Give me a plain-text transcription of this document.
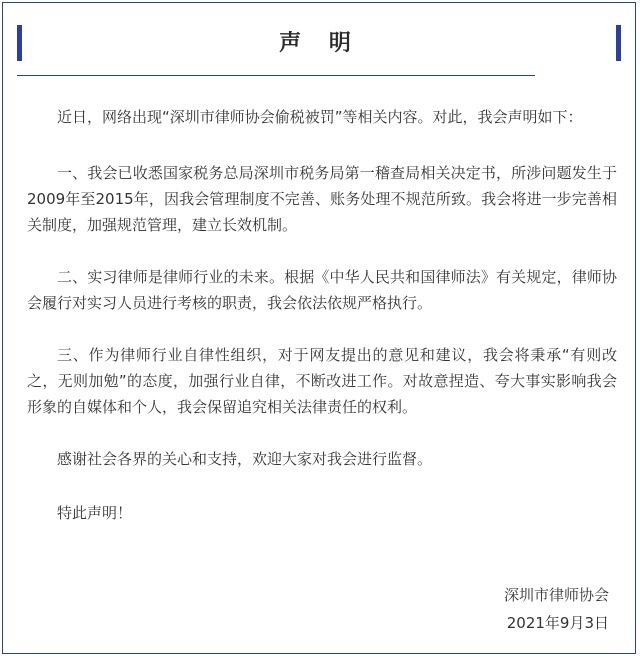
声 明

近日，网络出现“深圳市律师协会偷税被罚”等相关内容。对此，我会声明如下：

一、我会已收悉国家税务总局深圳市税务局第一稽查局相关决定书，所涉问题发生于2009年至2015年，因我会管理制度不完善、账务处理不规范所致。我会将进一步完善相关制度，加强规范管理，建立长效机制。

二、实习律师是律师行业的未来。根据《中华人民共和国律师法》有关规定，律师协会履行对实习人员进行考核的职责，我会依法依规严格执行。

三、作为律师行业自律性组织，对于网友提出的意见和建议，我会将秉承“有则改之，无则加勉”的态度，加强行业自律，不断改进工作。对故意捏造、夸大事实影响我会形象的自媒体和个人，我会保留追究相关法律责任的权利。

感谢社会各界的关心和支持，欢迎大家对我会进行监督。

特此声明！

深圳市律师协会
2021年9月3日
